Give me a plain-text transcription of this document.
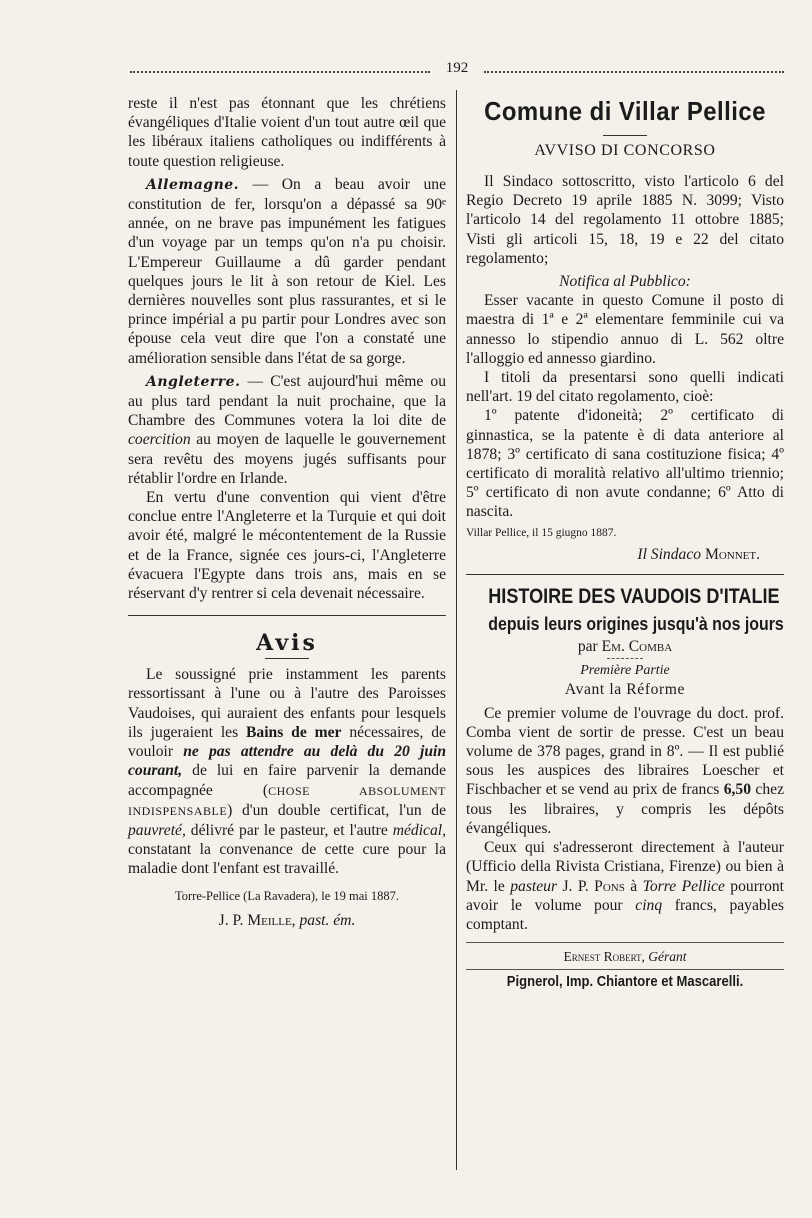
192

reste il n'est pas étonnant que les chrétiens évangéliques d'Italie voient d'un tout autre œil que les libéraux italiens catholiques ou indifférents à toute question religieuse.

Allemagne. — On a beau avoir une constitution de fer, lorsqu'on a dépassé sa 90ᵉ année, on ne brave pas impunément les fatigues d'un voyage par un temps qu'on n'a pu choisir. L'Empereur Guillaume a dû garder pendant quelques jours le lit à son retour de Kiel. Les dernières nouvelles sont plus rassurantes, et si le prince impérial a pu partir pour Londres avec son épouse cela veut dire que l'on a constaté une amélioration sensible dans l'état de sa gorge.

Angleterre. — C'est aujourd'hui même ou au plus tard pendant la nuit prochaine, que la Chambre des Communes votera la loi dite de coercition au moyen de laquelle le gouvernement sera revêtu des moyens jugés suffisants pour rétablir l'ordre en Irlande.

En vertu d'une convention qui vient d'être conclue entre l'Angleterre et la Turquie et qui doit avoir été, malgré le mécontentement de la Russie et de la France, signée ces jours-ci, l'Angleterre évacuera l'Egypte dans trois ans, mais en se réservant d'y rentrer si cela devenait nécessaire.

Avis

Le soussigné prie instamment les parents ressortissant à l'une ou à l'autre des Paroisses Vaudoises, qui auraient des enfants pour lesquels ils jugeraient les Bains de mer nécessaires, de vouloir ne pas attendre au delà du 20 juin courant, de lui en faire parvenir la demande accompagnée (CHOSE ABSOLUMENT INDISPENSABLE) d'un double certificat, l'un de pauvreté, délivré par le pasteur, et l'autre médical, constatant la convenance de cette cure pour la maladie dont l'enfant est travaillé.

Torre-Pellice (La Ravadera), le 19 mai 1887.
J. P. Meille, past. ém.
Comune di Villar Pellice
AVVISO DI CONCORSO

Il Sindaco sottoscritto, visto l'articolo 6 del Regio Decreto 19 aprile 1885 N. 3099; Visto l'articolo 14 del regolamento 11 ottobre 1885; Visti gli articoli 15, 18, 19 e 22 del citato regolamento;

Notifica al Pubblico:

Esser vacante in questo Comune il posto di maestra di 1ª e 2ª elementare femminile cui va annesso lo stipendio annuo di L. 562 oltre l'alloggio ed annesso giardino.

I titoli da presentarsi sono quelli indicati nell'art. 19 del citato regolamento, cioè:

1º patente d'idoneità; 2º certificato di ginnastica, se la patente è di data anteriore al 1878; 3º certificato di sana costituzione fisica; 4º certificato di moralità relativo all'ultimo triennio; 5º certificato di non avute condanne; 6º Atto di nascita.

Villar Pellice, il 15 giugno 1887.

Il Sindaco Monnet.

HISTOIRE DES VAUDOIS D'ITALIE
depuis leurs origines jusqu'à nos jours

par Em. Comba

Première Partie

Avant la Réforme

Ce premier volume de l'ouvrage du doct. prof. Comba vient de sortir de presse. C'est un beau volume de 378 pages, grand in 8º. — Il est publié sous les auspices des libraires Loescher et Fischbacher et se vend au prix de francs 6,50 chez tous les libraires, y compris les dépôts évangéliques.

Ceux qui s'adresseront directement à l'auteur (Ufficio della Rivista Cristiana, Firenze) ou bien à Mr. le pasteur J. P. Pons à Torre Pellice pourront avoir le volume pour cinq francs, payables comptant.

Ernest Robert, Gérant
Pignerol, Imp. Chiantore et Mascarelli.
